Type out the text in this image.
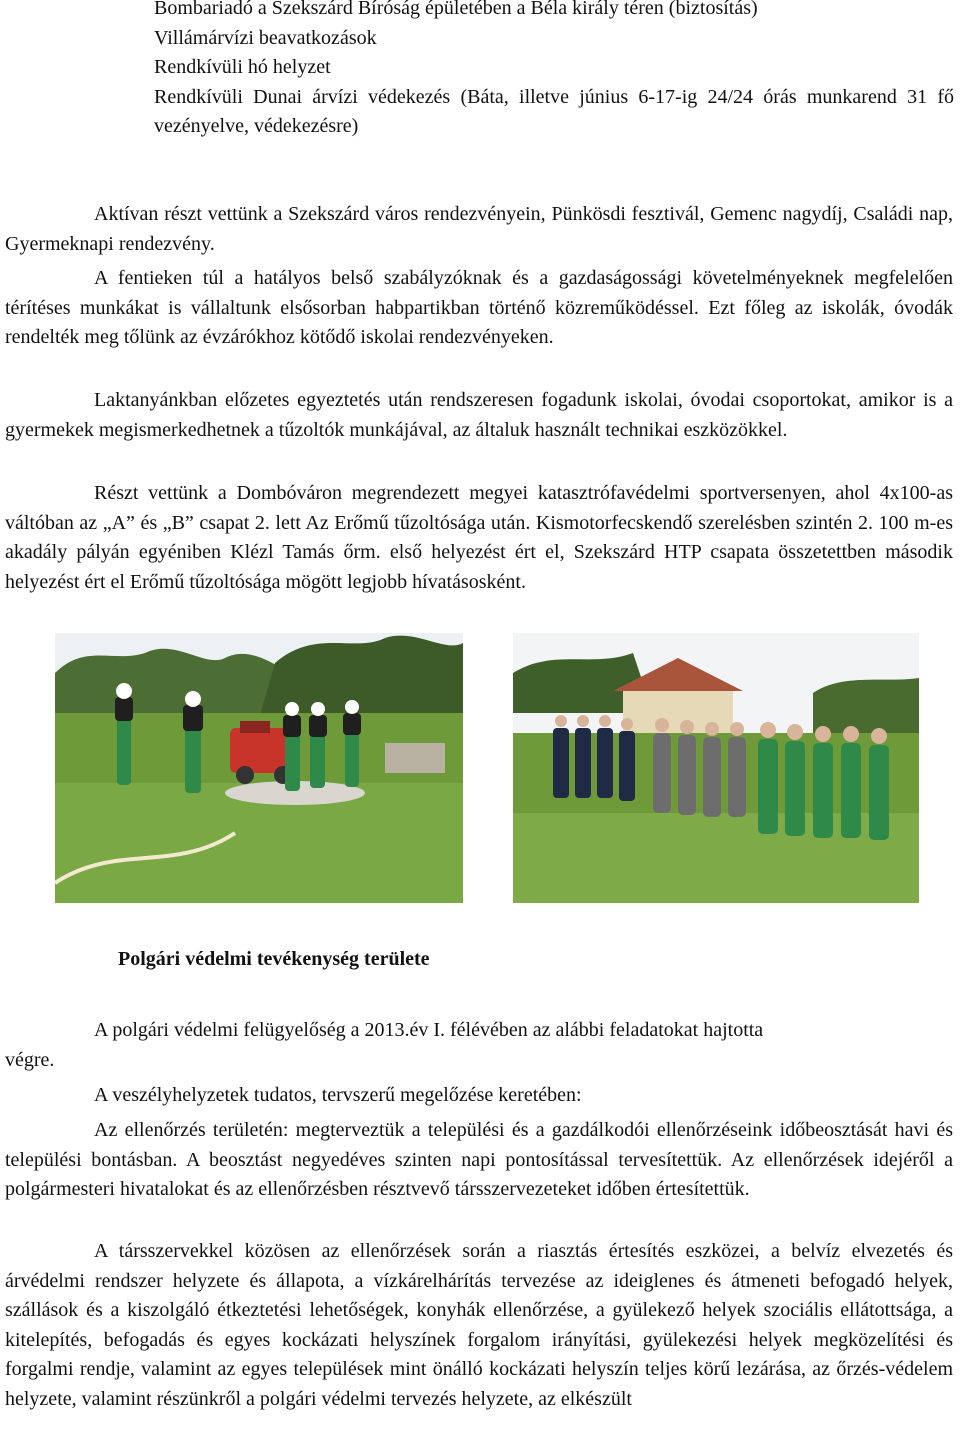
Bombariadó a Szekszárd Bíróság épületében a Béla király téren (biztosítás)
Villámárvízi beavatkozások
Rendkívüli hó helyzet
Rendkívüli Dunai árvízi védekezés (Báta, illetve június 6-17-ig 24/24 órás munkarend 31 fő vezényelve, védekezésre)

Aktívan részt vettünk a Szekszárd város rendezvényein, Pünkösdi fesztivál, Gemenc nagydíj, Családi nap, Gyermeknapi rendezvény.

A fentieken túl a hatályos belső szabályzóknak és a gazdaságossági követelményeknek megfelelően térítéses munkákat is vállaltunk elsősorban habpartikban történő közreműködéssel. Ezt főleg az iskolák, óvodák rendelték meg tőlünk az évzárókhoz kötődő iskolai rendezvényeken.

Laktanyánkban előzetes egyeztetés után rendszeresen fogadunk iskolai, óvodai csoportokat, amikor is a gyermekek megismerkedhetnek a tűzoltók munkájával, az általuk használt technikai eszközökkel.

Részt vettünk a Dombóváron megrendezett megyei katasztrófavédelmi sportversenyen, ahol 4x100-as váltóban az „A” és „B” csapat 2. lett Az Erőmű tűzoltósága után. Kismotorfecskendő szerelésben szintén 2. 100 m-es akadály pályán egyéniben Klézl Tamás őrm. első helyezést ért el, Szekszárd HTP csapata összetettben második helyezést ért el Erőmű tűzoltósága mögött legjobb hívatásosként.

Polgári védelmi tevékenység területe

A polgári védelmi felügyelőség a 2013.év I. félévében az alábbi feladatokat hajtotta

végre.

A veszélyhelyzetek tudatos, tervszerű megelőzése keretében:

Az ellenőrzés területén: megterveztük a települési és a gazdálkodói ellenőrzéseink időbeosztását havi és települési bontásban. A beosztást negyedéves szinten napi pontosítással tervesítettük. Az ellenőrzések idejéről a polgármesteri hivatalokat és az ellenőrzésben résztvevő társszervezeteket időben értesítettük.

A társszervekkel közösen az ellenőrzések során a riasztás értesítés eszközei, a belvíz elvezetés és árvédelmi rendszer helyzete és állapota, a vízkárelhárítás tervezése az ideiglenes és átmeneti befogadó helyek, szállások és a kiszolgáló étkeztetési lehetőségek, konyhák ellenőrzése, a gyülekező helyek szociális ellátottsága, a kitelepítés, befogadás és egyes kockázati helyszínek forgalom irányítási, gyülekezési helyek megközelítési és forgalmi rendje, valamint az egyes települések mint önálló kockázati helyszín teljes körű lezárása, az őrzés-védelem helyzete, valamint részünkről a polgári védelmi tervezés helyzete, az elkészült
